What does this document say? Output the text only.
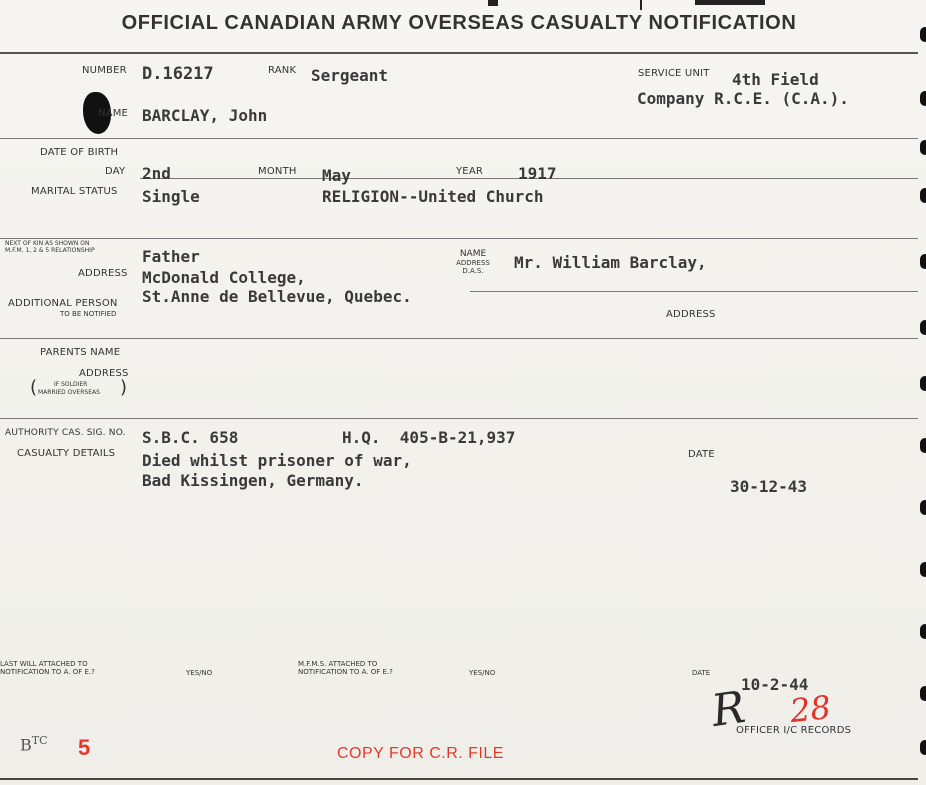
OFFICIAL CANADIAN ARMY OVERSEAS CASUALTY NOTIFICATION
NUMBER D.16217	RANK Sergeant	SERVICE UNIT 4th Field
Company R.C.E. (C.A.).
NAME BARCLAY, John
DATE OF BIRTH
DAY 2nd	MONTH May	YEAR 1917
MARITAL STATUS Single	RELIGION--United Church
NEXT OF KIN AS SHOWN ON
M.F.M. 1, 2 & 5 RELATIONSHIP	Father
ADDRESS McDonald College,
St.Anne de Bellevue, Quebec.
NAME
ADDRESS
D.A.S.	Mr. William Barclay,
ADDITIONAL PERSON
TO BE NOTIFIED	ADDRESS
PARENTS NAME
ADDRESS
(	IF SOLDIER
MARRIED OVERSEAS )
AUTHORITY CAS. SIG. NO. S.B.C. 658	H.Q.  405-B-21,937
CASUALTY DETAILS Died whilst prisoner of war,
Bad Kissingen, Germany.
DATE
30-12-43
LAST WILL ATTACHED TO
NOTIFICATION TO A. OF E.?	YES/NO
M.F.M.S. ATTACHED TO
NOTIFICATION TO A. OF E.?	YES/NO	DATE
10-2-44
R 28
OFFICER I/C RECORDS
$B^{TC}$ 5	COPY FOR C.R. FILE
